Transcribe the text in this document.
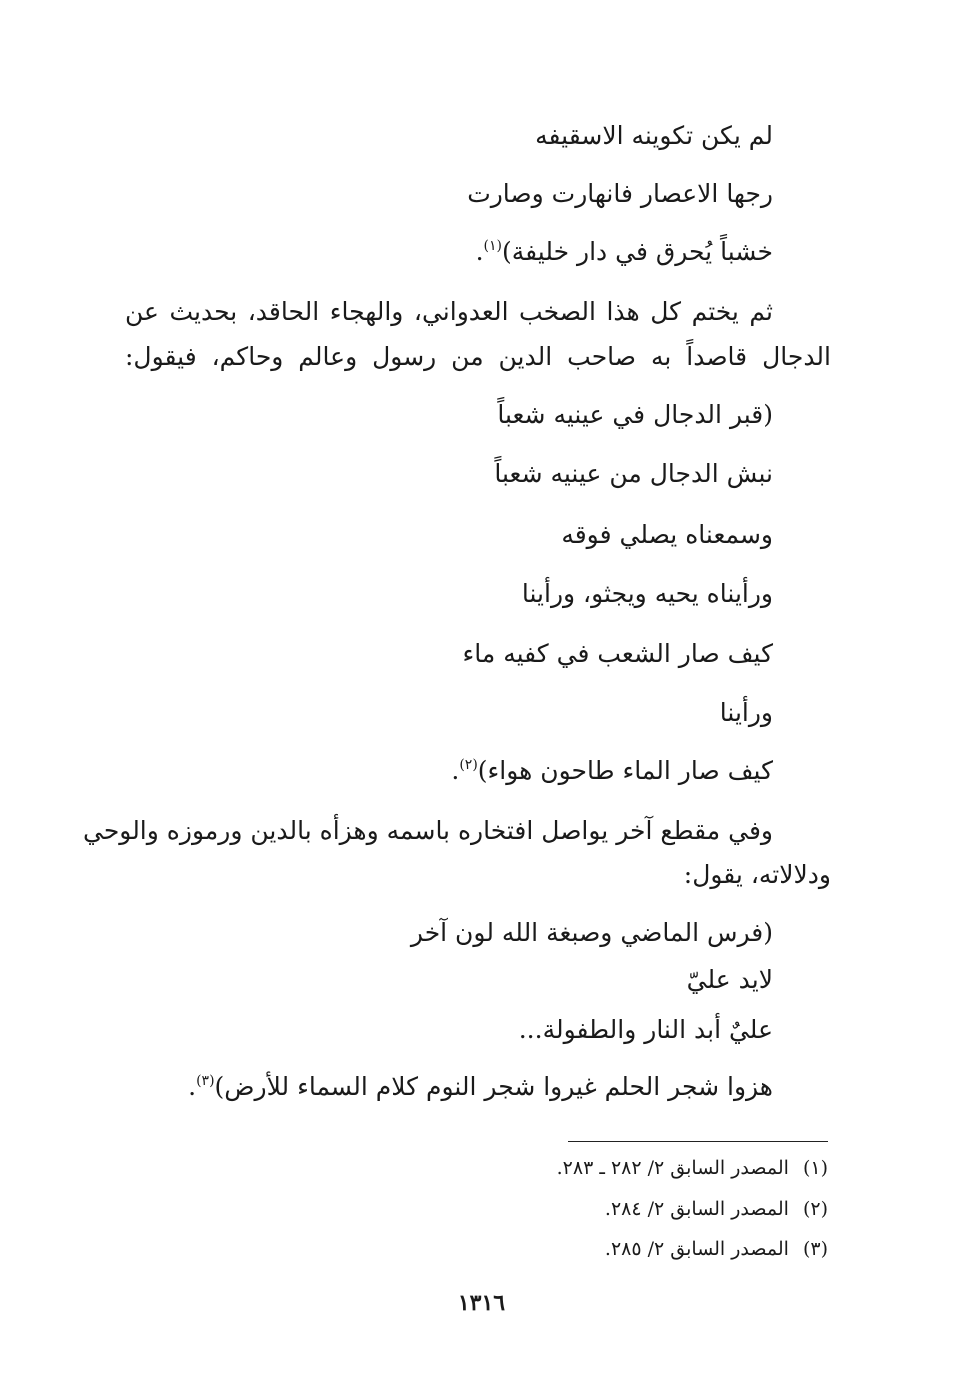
لم يكن تكوينه الاسقيفه
رجها الاعصار فانهارت وصارت
خشباً يُحرق في دار خليفة)$^{(١)}$.
ثم يختم كل هذا الصخب العدواني، والهجاء الحاقد، بحديث عن
الدجال قاصداً به صاحب الدين من رسول وعالم وحاكم، فيقول:
(قبر الدجال في عينيه شعباً
نبش الدجال من عينيه شعباً
وسمعناه يصلي فوقه
ورأيناه يحيه ويجثو، ورأينا
كيف صار الشعب في كفيه ماء
ورأينا
كيف صار الماء طاحون هواء)$^{(٢)}$.
وفي مقطع آخر يواصل افتخاره باسمه وهزأه بالدين ورموزه والوحي
ودلالاته، يقول:
(فرس الماضي وصبغة الله لون آخر
لايد عليّ
عليٌ أبد النار والطفولة...
هزوا شجر الحلم غيروا شجر النوم كلام السماء للأرض)$^{(٣)}$.
(١)المصدر السابق ٢/ ٢٨٢ ـ ٢٨٣.
(٢)المصدر السابق ٢/ ٢٨٤.
(٣)المصدر السابق ٢/ ٢٨٥.
١٣١٦
